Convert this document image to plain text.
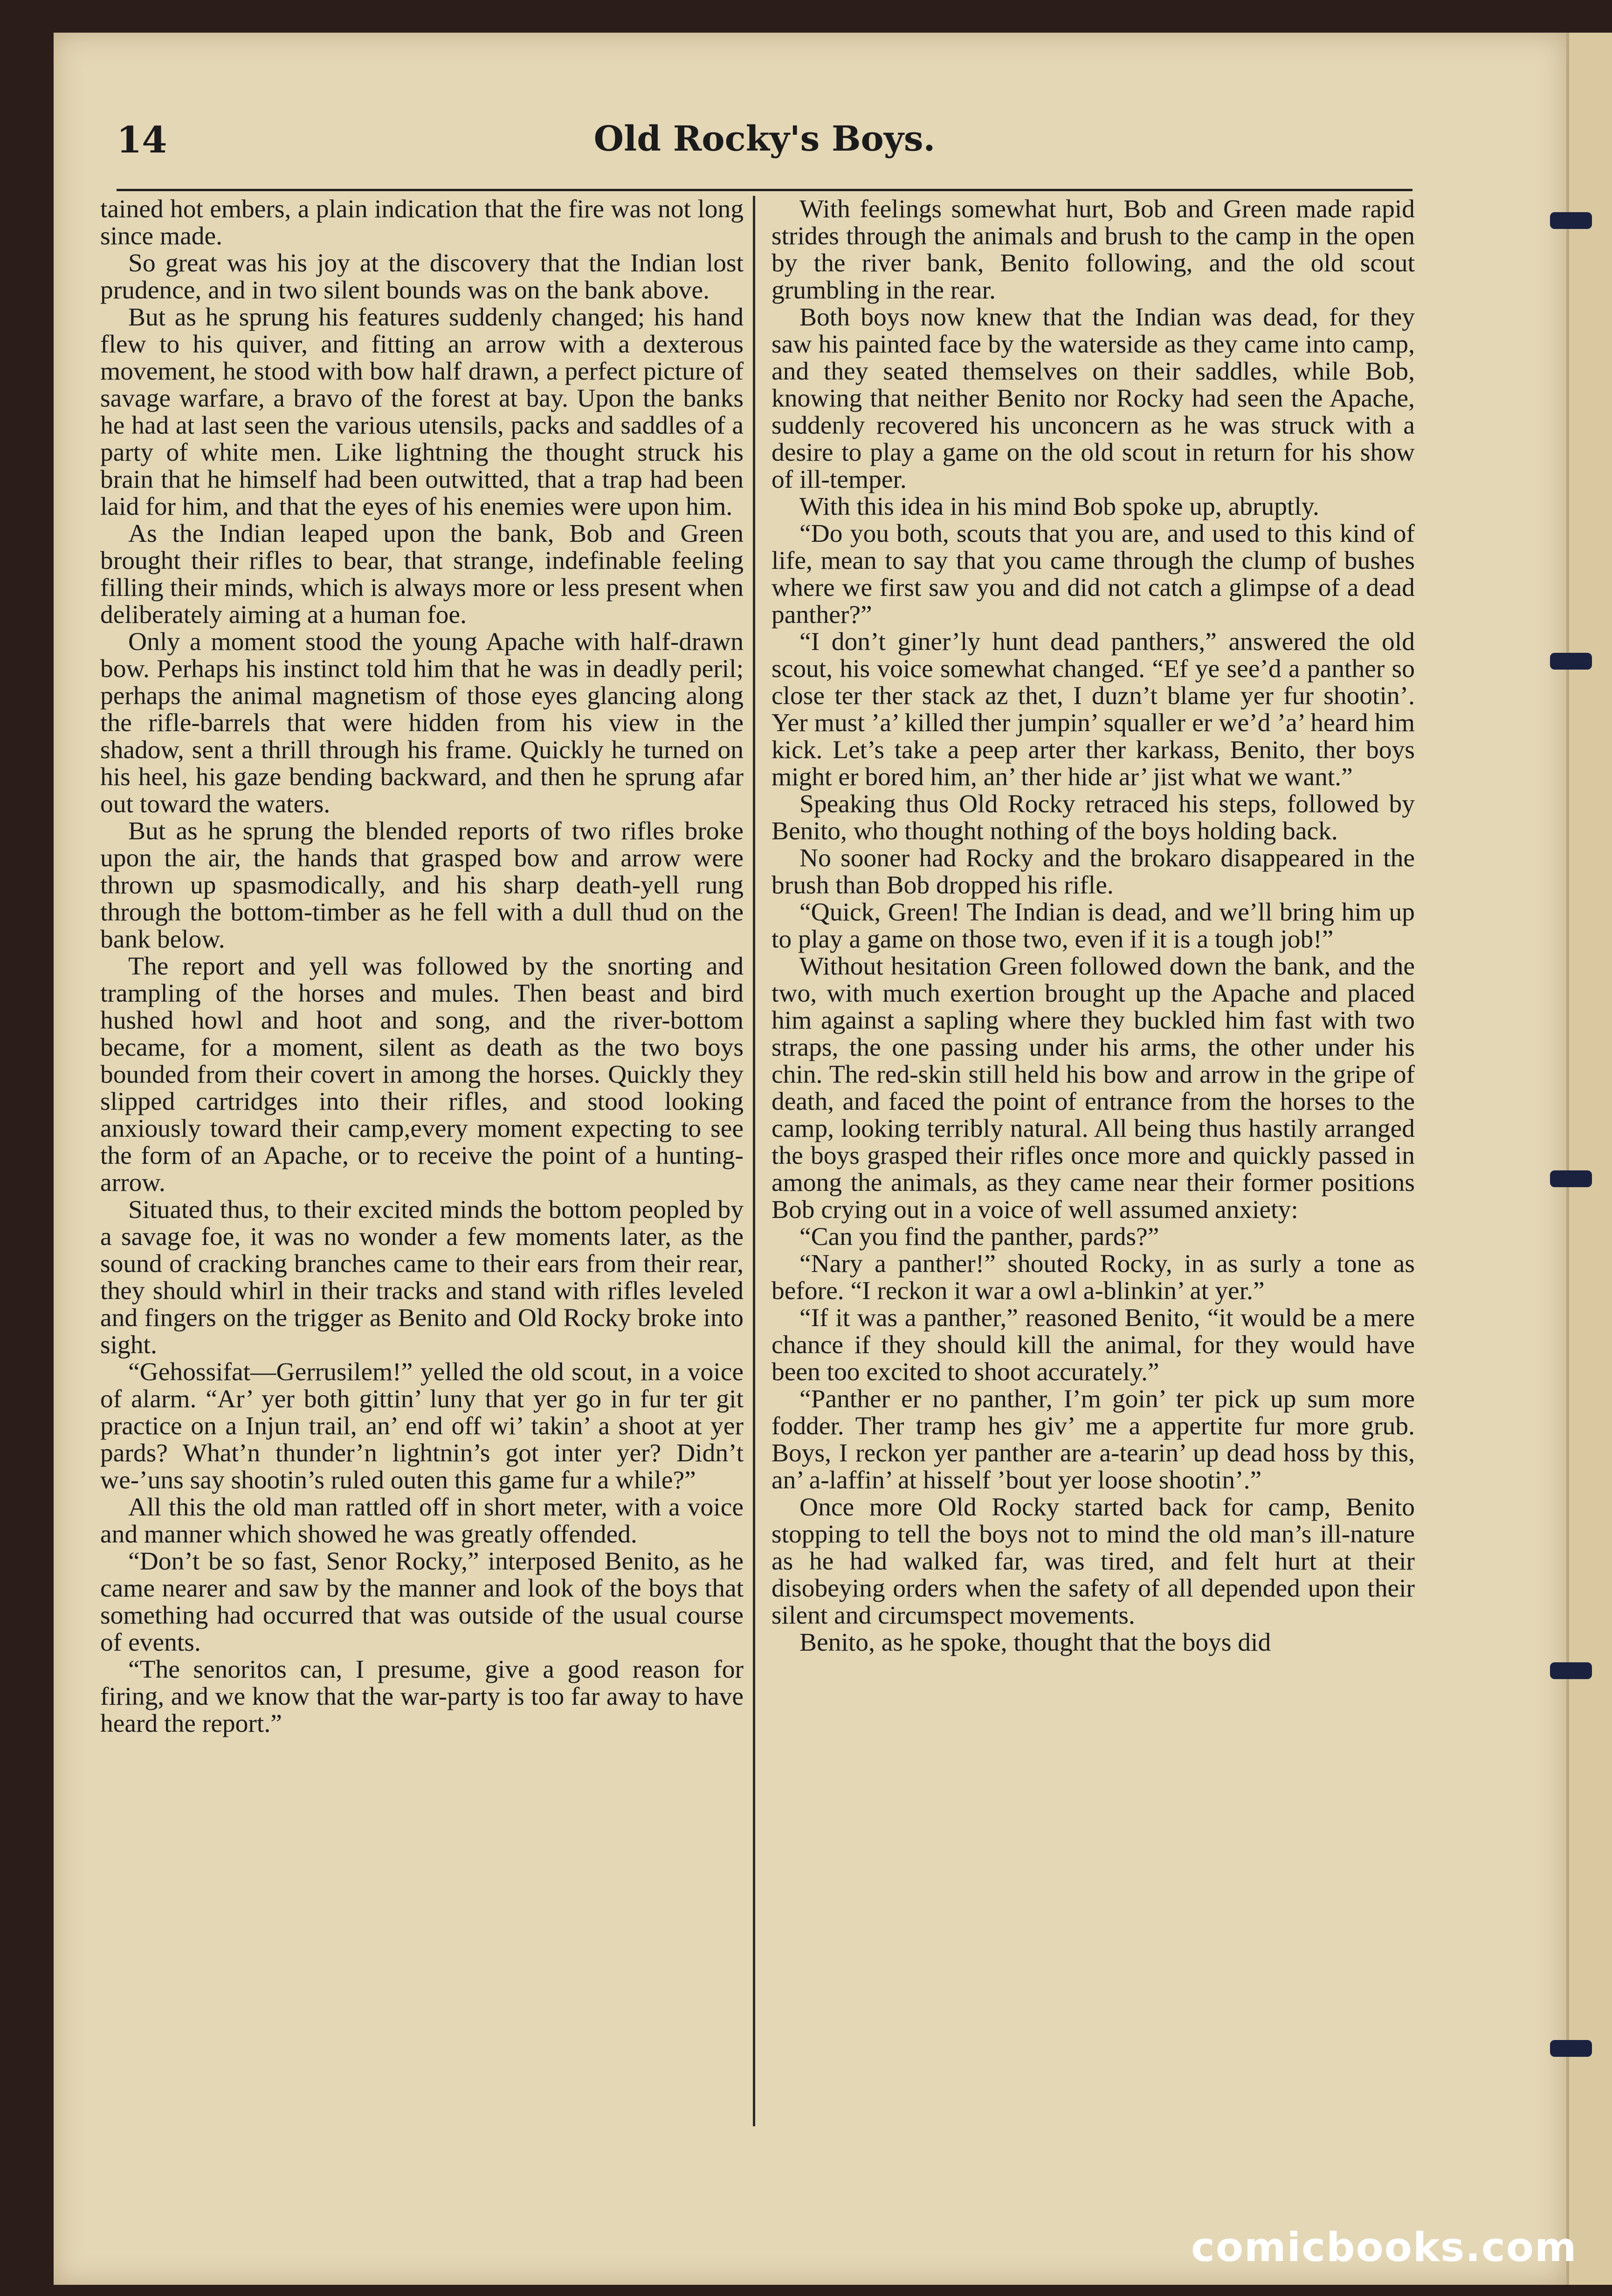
Old Rocky's Boys.
14

tained hot embers, a plain indication that the fire was not long since made.

So great was his joy at the discovery that the Indian lost prudence, and in two silent bounds was on the bank above.

But as he sprung his features suddenly changed; his hand flew to his quiver, and fitting an arrow with a dexterous movement, he stood with bow half drawn, a perfect picture of savage warfare, a bravo of the forest at bay. Upon the banks he had at last seen the various utensils, packs and saddles of a party of white men. Like lightning the thought struck his brain that he himself had been outwitted, that a trap had been laid for him, and that the eyes of his enemies were upon him.

As the Indian leaped upon the bank, Bob and Green brought their rifles to bear, that strange, indefinable feeling filling their minds, which is always more or less present when deliberately aiming at a human foe.

Only a moment stood the young Apache with half-drawn bow. Perhaps his instinct told him that he was in deadly peril; perhaps the animal magnetism of those eyes glancing along the rifle-barrels that were hidden from his view in the shadow, sent a thrill through his frame. Quickly he turned on his heel, his gaze bending backward, and then he sprung afar out toward the waters.

But as he sprung the blended reports of two rifles broke upon the air, the hands that grasped bow and arrow were thrown up spasmodically, and his sharp death-yell rung through the bottom-timber as he fell with a dull thud on the bank below.

The report and yell was followed by the snorting and trampling of the horses and mules. Then beast and bird hushed howl and hoot and song, and the river-bottom became, for a moment, silent as death as the two boys bounded from their covert in among the horses. Quickly they slipped cartridges into their rifles, and stood looking anxiously toward their camp,every moment expecting to see the form of an Apache, or to receive the point of a hunting-arrow.

Situated thus, to their excited minds the bottom peopled by a savage foe, it was no wonder a few moments later, as the sound of cracking branches came to their ears from their rear, they should whirl in their tracks and stand with rifles leveled and fingers on the trigger as Benito and Old Rocky broke into sight.

“Gehossifat—Gerrusilem!” yelled the old scout, in a voice of alarm. “Ar’ yer both gittin’ luny that yer go in fur ter git practice on a Injun trail, an’ end off wi’ takin’ a shoot at yer pards? What’n thunder’n lightnin’s got inter yer? Didn’t we-’uns say shootin’s ruled outen this game fur a while?”

All this the old man rattled off in short meter, with a voice and manner which showed he was greatly offended.

“Don’t be so fast, Senor Rocky,” interposed Benito, as he came nearer and saw by the manner and look of the boys that something had occurred that was outside of the usual course of events.

“The senoritos can, I presume, give a good reason for firing, and we know that the war-party is too far away to have heard the report.”

With feelings somewhat hurt, Bob and Green made rapid strides through the animals and brush to the camp in the open by the river bank, Benito following, and the old scout grumbling in the rear.

Both boys now knew that the Indian was dead, for they saw his painted face by the waterside as they came into camp, and they seated themselves on their saddles, while Bob, knowing that neither Benito nor Rocky had seen the Apache, suddenly recovered his unconcern as he was struck with a desire to play a game on the old scout in return for his show of ill-temper.

With this idea in his mind Bob spoke up, abruptly.

“Do you both, scouts that you are, and used to this kind of life, mean to say that you came through the clump of bushes where we first saw you and did not catch a glimpse of a dead panther?”

“I don’t giner’ly hunt dead panthers,” answered the old scout, his voice somewhat changed. “Ef ye see’d a panther so close ter ther stack az thet, I duzn’t blame yer fur shootin’. Yer must ’a’ killed ther jumpin’ squaller er we’d ’a’ heard him kick. Let’s take a peep arter ther karkass, Benito, ther boys might er bored him, an’ ther hide ar’ jist what we want.”

Speaking thus Old Rocky retraced his steps, followed by Benito, who thought nothing of the boys holding back.

No sooner had Rocky and the brokaro disappeared in the brush than Bob dropped his rifle.

“Quick, Green! The Indian is dead, and we’ll bring him up to play a game on those two, even if it is a tough job!”

Without hesitation Green followed down the bank, and the two, with much exertion brought up the Apache and placed him against a sapling where they buckled him fast with two straps, the one passing under his arms, the other under his chin. The red-skin still held his bow and arrow in the gripe of death, and faced the point of entrance from the horses to the camp, looking terribly natural. All being thus hastily arranged the boys grasped their rifles once more and quickly passed in among the animals, as they came near their former positions Bob crying out in a voice of well assumed anxiety:

“Can you find the panther, pards?”

“Nary a panther!” shouted Rocky, in as surly a tone as before. “I reckon it war a owl a-blinkin’ at yer.”

“If it was a panther,” reasoned Benito, “it would be a mere chance if they should kill the animal, for they would have been too excited to shoot accurately.”

“Panther er no panther, I’m goin’ ter pick up sum more fodder. Ther tramp hes giv’ me a appertite fur more grub. Boys, I reckon yer panther are a-tearin’ up dead hoss by this, an’ a-laffin’ at hisself ’bout yer loose shootin’.”

Once more Old Rocky started back for camp, Benito stopping to tell the boys not to mind the old man’s ill-nature as he had walked far, was tired, and felt hurt at their disobeying orders when the safety of all depended upon their silent and circumspect movements.

Benito, as he spoke, thought that the boys did

comicbooks.com
